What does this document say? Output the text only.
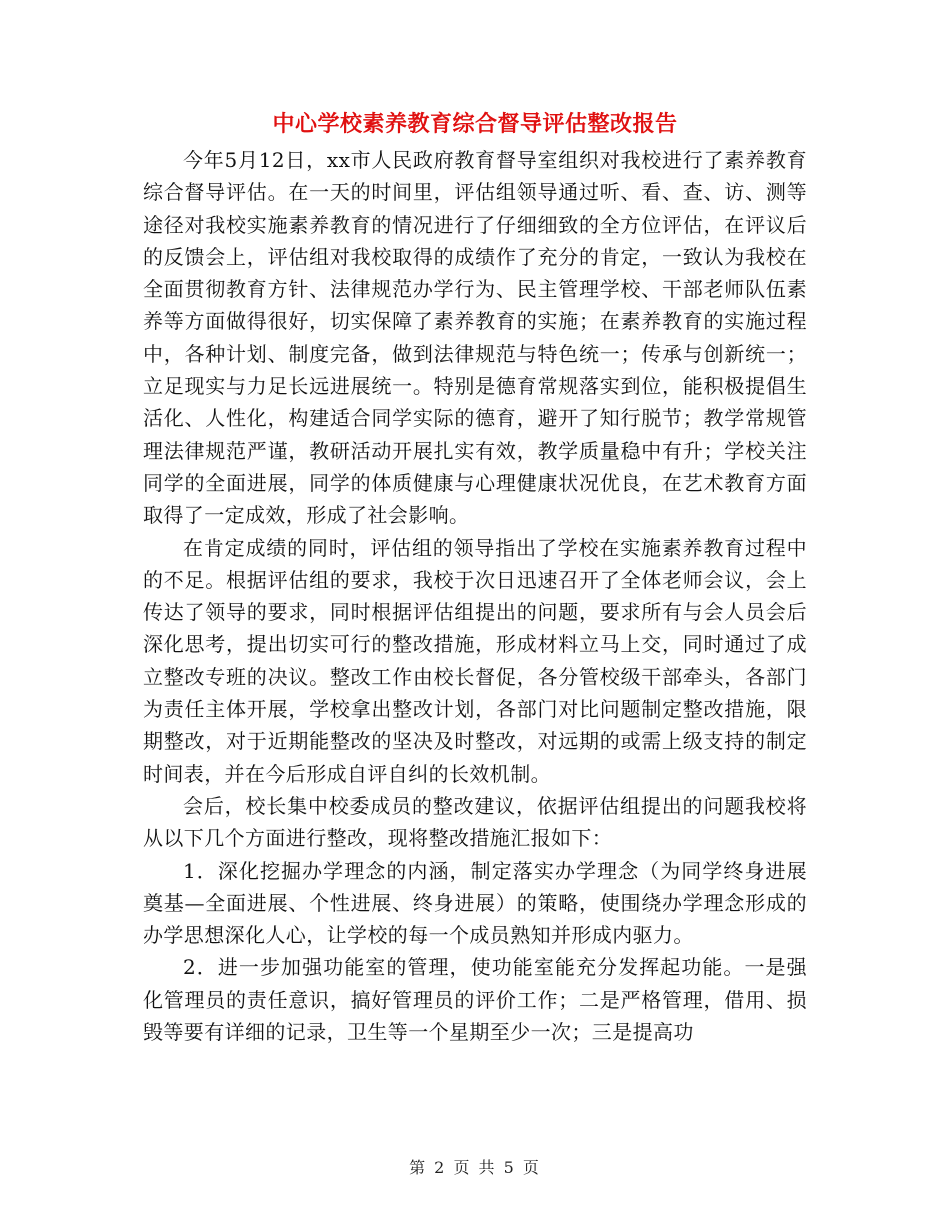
中心学校素养教育综合督导评估整改报告

今年5月12日，xx市人民政府教育督导室组织对我校进行了素养教育综合督导评估。在一天的时间里，评估组领导通过听、看、查、访、测等途径对我校实施素养教育的情况进行了仔细细致的全方位评估，在评议后的反馈会上，评估组对我校取得的成绩作了充分的肯定，一致认为我校在全面贯彻教育方针、法律规范办学行为、民主管理学校、干部老师队伍素养等方面做得很好，切实保障了素养教育的实施；在素养教育的实施过程中，各种计划、制度完备，做到法律规范与特色统一；传承与创新统一；立足现实与力足长远进展统一。特别是德育常规落实到位，能积极提倡生活化、人性化，构建适合同学实际的德育，避开了知行脱节；教学常规管理法律规范严谨，教研活动开展扎实有效，教学质量稳中有升；学校关注同学的全面进展，同学的体质健康与心理健康状况优良，在艺术教育方面取得了一定成效，形成了社会影响。

在肯定成绩的同时，评估组的领导指出了学校在实施素养教育过程中的不足。根据评估组的要求，我校于次日迅速召开了全体老师会议，会上传达了领导的要求，同时根据评估组提出的问题，要求所有与会人员会后深化思考，提出切实可行的整改措施，形成材料立马上交，同时通过了成立整改专班的决议。整改工作由校长督促，各分管校级干部牵头，各部门为责任主体开展，学校拿出整改计划，各部门对比问题制定整改措施，限期整改，对于近期能整改的坚决及时整改，对远期的或需上级支持的制定时间表，并在今后形成自评自纠的长效机制。

会后，校长集中校委成员的整改建议，依据评估组提出的问题我校将从以下几个方面进行整改，现将整改措施汇报如下：

1．深化挖掘办学理念的内涵，制定落实办学理念（为同学终身进展奠基—全面进展、个性进展、终身进展）的策略，使围绕办学理念形成的办学思想深化人心，让学校的每一个成员熟知并形成内驱力。

2．进一步加强功能室的管理，使功能室能充分发挥起功能。一是强化管理员的责任意识，搞好管理员的评价工作；二是严格管理，借用、损毁等要有详细的记录，卫生等一个星期至少一次；三是提高功

第 2 页 共 5 页
